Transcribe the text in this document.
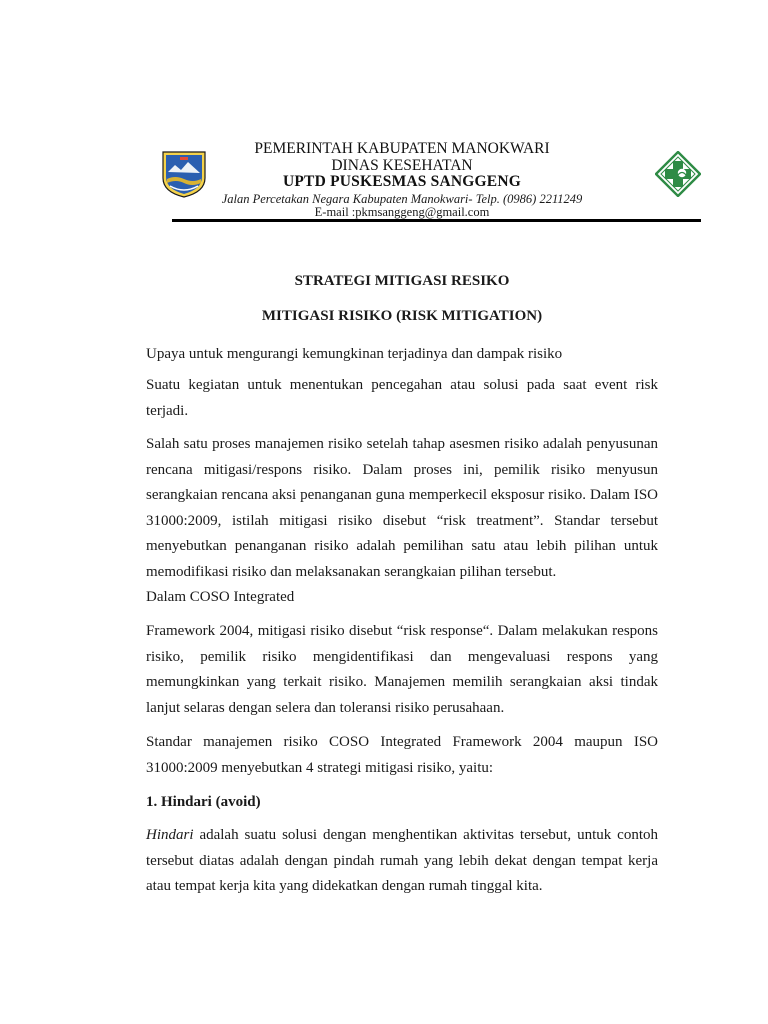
PEMERINTAH KABUPATEN MANOKWARI
DINAS KESEHATAN
UPTD PUSKESMAS SANGGENG
Jalan Percetakan Negara Kabupaten Manokwari- Telp. (0986) 2211249
E-mail :pkmsanggeng@gmail.com
STRATEGI MITIGASI RESIKO
MITIGASI RISIKO (RISK MITIGATION)
Upaya untuk mengurangi kemungkinan terjadinya dan dampak risiko
Suatu kegiatan untuk menentukan pencegahan atau solusi pada saat event risk terjadi.
Salah satu proses manajemen risiko setelah tahap asesmen risiko adalah penyusunan rencana mitigasi/respons risiko. Dalam proses ini, pemilik risiko menyusun serangkaian rencana aksi penanganan guna memperkecil eksposur risiko. Dalam ISO 31000:2009, istilah mitigasi risiko disebut “risk treatment”. Standar tersebut menyebutkan penanganan risiko adalah pemilihan satu atau lebih pilihan untuk memodifikasi risiko dan melaksanakan serangkaian pilihan tersebut.
Dalam COSO Integrated
Framework 2004, mitigasi risiko disebut “risk response“. Dalam melakukan respons risiko, pemilik risiko mengidentifikasi dan mengevaluasi respons yang memungkinkan yang terkait risiko. Manajemen memilih serangkaian aksi tindak lanjut selaras dengan selera dan toleransi risiko perusahaan.
Standar manajemen risiko COSO Integrated Framework 2004 maupun ISO 31000:2009 menyebutkan 4 strategi mitigasi risiko, yaitu:
1. Hindari (avoid)
Hindari adalah suatu solusi dengan menghentikan aktivitas tersebut, untuk contoh tersebut diatas adalah dengan pindah rumah yang lebih dekat dengan tempat kerja atau tempat kerja kita yang didekatkan dengan rumah tinggal kita.
